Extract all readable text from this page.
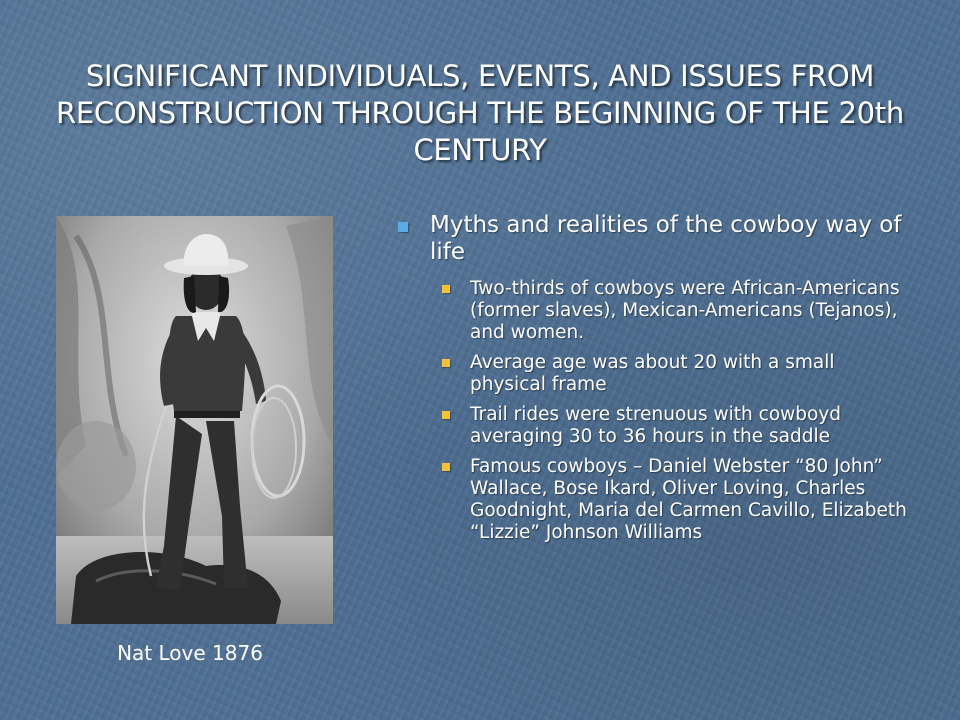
SIGNIFICANT INDIVIDUALS, EVENTS, AND ISSUES FROM RECONSTRUCTION THROUGH THE BEGINNING OF THE 20th CENTURY
Nat Love 1876
Myths and realities of the cowboy way of life
Two-thirds of cowboys were African-Americans (former slaves), Mexican-Americans (Tejanos), and women.
Average age was about 20 with a small physical frame
Trail rides were strenuous with cowboyd averaging 30 to 36 hours in the saddle
Famous cowboys – Daniel Webster “80 John” Wallace, Bose Ikard, Oliver Loving, Charles Goodnight, Maria del Carmen Cavillo, Elizabeth “Lizzie” Johnson Williams
